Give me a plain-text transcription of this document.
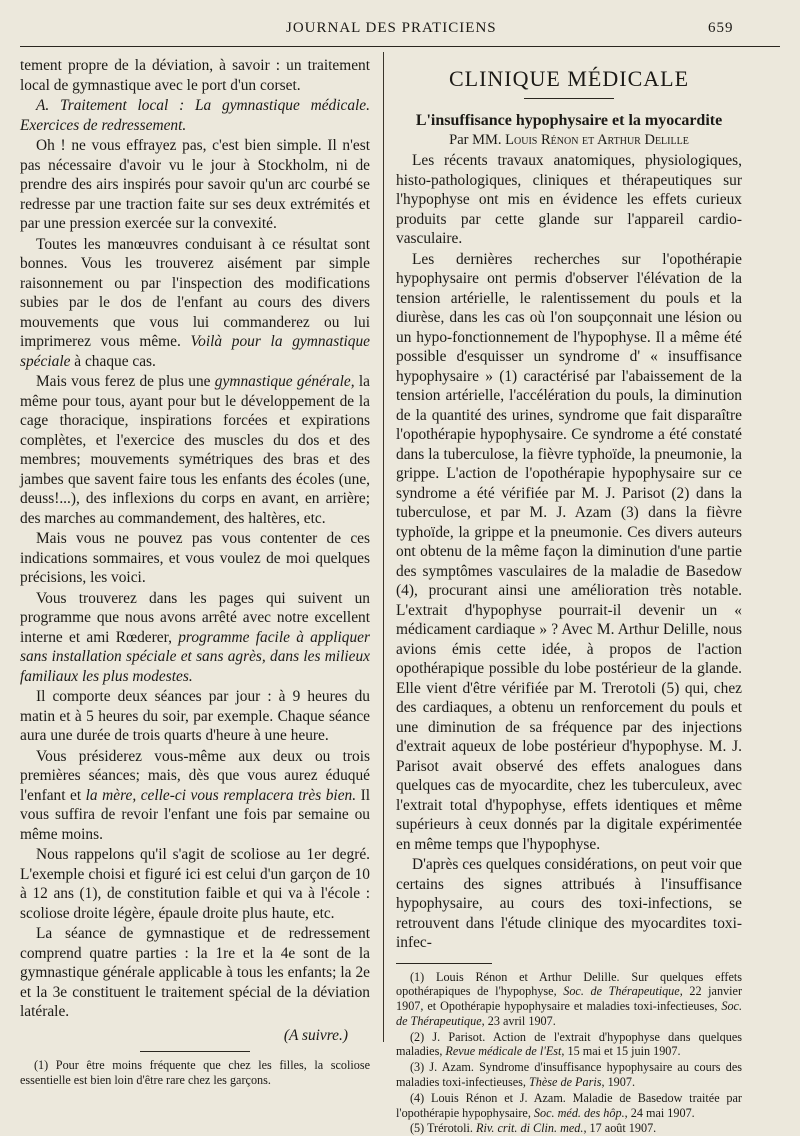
JOURNAL DES PRATICIENS	659

tement propre de la déviation, à savoir : un traitement local de gymnastique avec le port d'un corset.

A. Traitement local : La gymnastique médicale. Exercices de redressement.

Oh ! ne vous effrayez pas, c'est bien simple. Il n'est pas nécessaire d'avoir vu le jour à Stockholm, ni de prendre des airs inspirés pour savoir qu'un arc courbé se redresse par une traction faite sur ses deux extrémités et par une pression exercée sur la convexité.

Toutes les manœuvres conduisant à ce résultat sont bonnes. Vous les trouverez aisément par simple raisonnement ou par l'inspection des modifications subies par le dos de l'enfant au cours des divers mouvements que vous lui commanderez ou lui imprimerez vous même. Voilà pour la gymnastique spéciale à chaque cas.

Mais vous ferez de plus une gymnastique générale, la même pour tous, ayant pour but le développement de la cage thoracique, inspirations forcées et expirations complètes, et l'exercice des muscles du dos et des membres; mouvements symétriques des bras et des jambes que savent faire tous les enfants des écoles (une, deuss!...), des inflexions du corps en avant, en arrière; des marches au commandement, des haltères, etc.

Mais vous ne pouvez pas vous contenter de ces indications sommaires, et vous voulez de moi quelques précisions, les voici.

Vous trouverez dans les pages qui suivent un programme que nous avons arrêté avec notre excellent interne et ami Rœderer, programme facile à appliquer sans installation spéciale et sans agrès, dans les milieux familiaux les plus modestes.

Il comporte deux séances par jour : à 9 heures du matin et à 5 heures du soir, par exemple. Chaque séance aura une durée de trois quarts d'heure à une heure.

Vous présiderez vous-même aux deux ou trois premières séances; mais, dès que vous aurez éduqué l'enfant et la mère, celle-ci vous remplacera très bien. Il vous suffira de revoir l'enfant une fois par semaine ou même moins.

Nous rappelons qu'il s'agit de scoliose au 1er degré. L'exemple choisi et figuré ici est celui d'un garçon de 10 à 12 ans (1), de constitution faible et qui va à l'école : scoliose droite légère, épaule droite plus haute, etc.

La séance de gymnastique et de redressement comprend quatre parties : la 1re et la 4e sont de la gymnastique générale applicable à tous les enfants; la 2e et la 3e constituent le traitement spécial de la déviation latérale.

(A suivre.)

(1) Pour être moins fréquente que chez les filles, la scoliose essentielle est bien loin d'être rare chez les garçons.

CLINIQUE MÉDICALE
L'insuffisance hypophysaire et la myocardite
Par MM. Louis Rénon et Arthur Delille

Les récents travaux anatomiques, physiologiques, histo-pathologiques, cliniques et thérapeutiques sur l'hypophyse ont mis en évidence les effets curieux produits par cette glande sur l'appareil cardio-vasculaire.

Les dernières recherches sur l'opothérapie hypophysaire ont permis d'observer l'élévation de la tension artérielle, le ralentissement du pouls et la diurèse, dans les cas où l'on soupçonnait une lésion ou un hypo-fonctionnement de l'hypophyse. Il a même été possible d'esquisser un syndrome d' « insuffisance hypophysaire » (1) caractérisé par l'abaissement de la tension artérielle, l'accélération du pouls, la diminution de la quantité des urines, syndrome que fait disparaître l'opothérapie hypophysaire. Ce syndrome a été constaté dans la tuberculose, la fièvre typhoïde, la pneumonie, la grippe. L'action de l'opothérapie hypophysaire sur ce syndrome a été vérifiée par M. J. Parisot (2) dans la tuberculose, et par M. J. Azam (3) dans la fièvre typhoïde, la grippe et la pneumonie. Ces divers auteurs ont obtenu de la même façon la diminution d'une partie des symptômes vasculaires de la maladie de Basedow (4), procurant ainsi une amélioration très notable. L'extrait d'hypophyse pourrait-il devenir un « médicament cardiaque » ? Avec M. Arthur Delille, nous avions émis cette idée, à propos de l'action opothérapique possible du lobe postérieur de la glande. Elle vient d'être vérifiée par M. Trerotoli (5) qui, chez des cardiaques, a obtenu un renforcement du pouls et une diminution de sa fréquence par des injections d'extrait aqueux de lobe postérieur d'hypophyse. M. J. Parisot avait observé des effets analogues dans quelques cas de myocardite, chez les tuberculeux, avec l'extrait total d'hypophyse, effets identiques et même supérieurs à ceux donnés par la digitale expérimentée en même temps que l'hypophyse.

D'après ces quelques considérations, on peut voir que certains des signes attribués à l'insuffisance hypophysaire, au cours des toxi-infections, se retrouvent dans l'étude clinique des myocardites toxi-infec-

(1) Louis Rénon et Arthur Delille. Sur quelques effets opothérapiques de l'hypophyse, Soc. de Thérapeutique, 22 janvier 1907, et Opothérapie hypophysaire et maladies toxi-infectieuses, Soc. de Thérapeutique, 23 avril 1907.

(2) J. Parisot. Action de l'extrait d'hypophyse dans quelques maladies, Revue médicale de l'Est, 15 mai et 15 juin 1907.

(3) J. Azam. Syndrome d'insuffisance hypophysaire au cours des maladies toxi-infectieuses, Thèse de Paris, 1907.

(4) Louis Rénon et J. Azam. Maladie de Basedow traitée par l'opothérapie hypophysaire, Soc. méd. des hôp., 24 mai 1907.

(5) Trérotoli. Riv. crit. di Clin. med., 17 août 1907.
